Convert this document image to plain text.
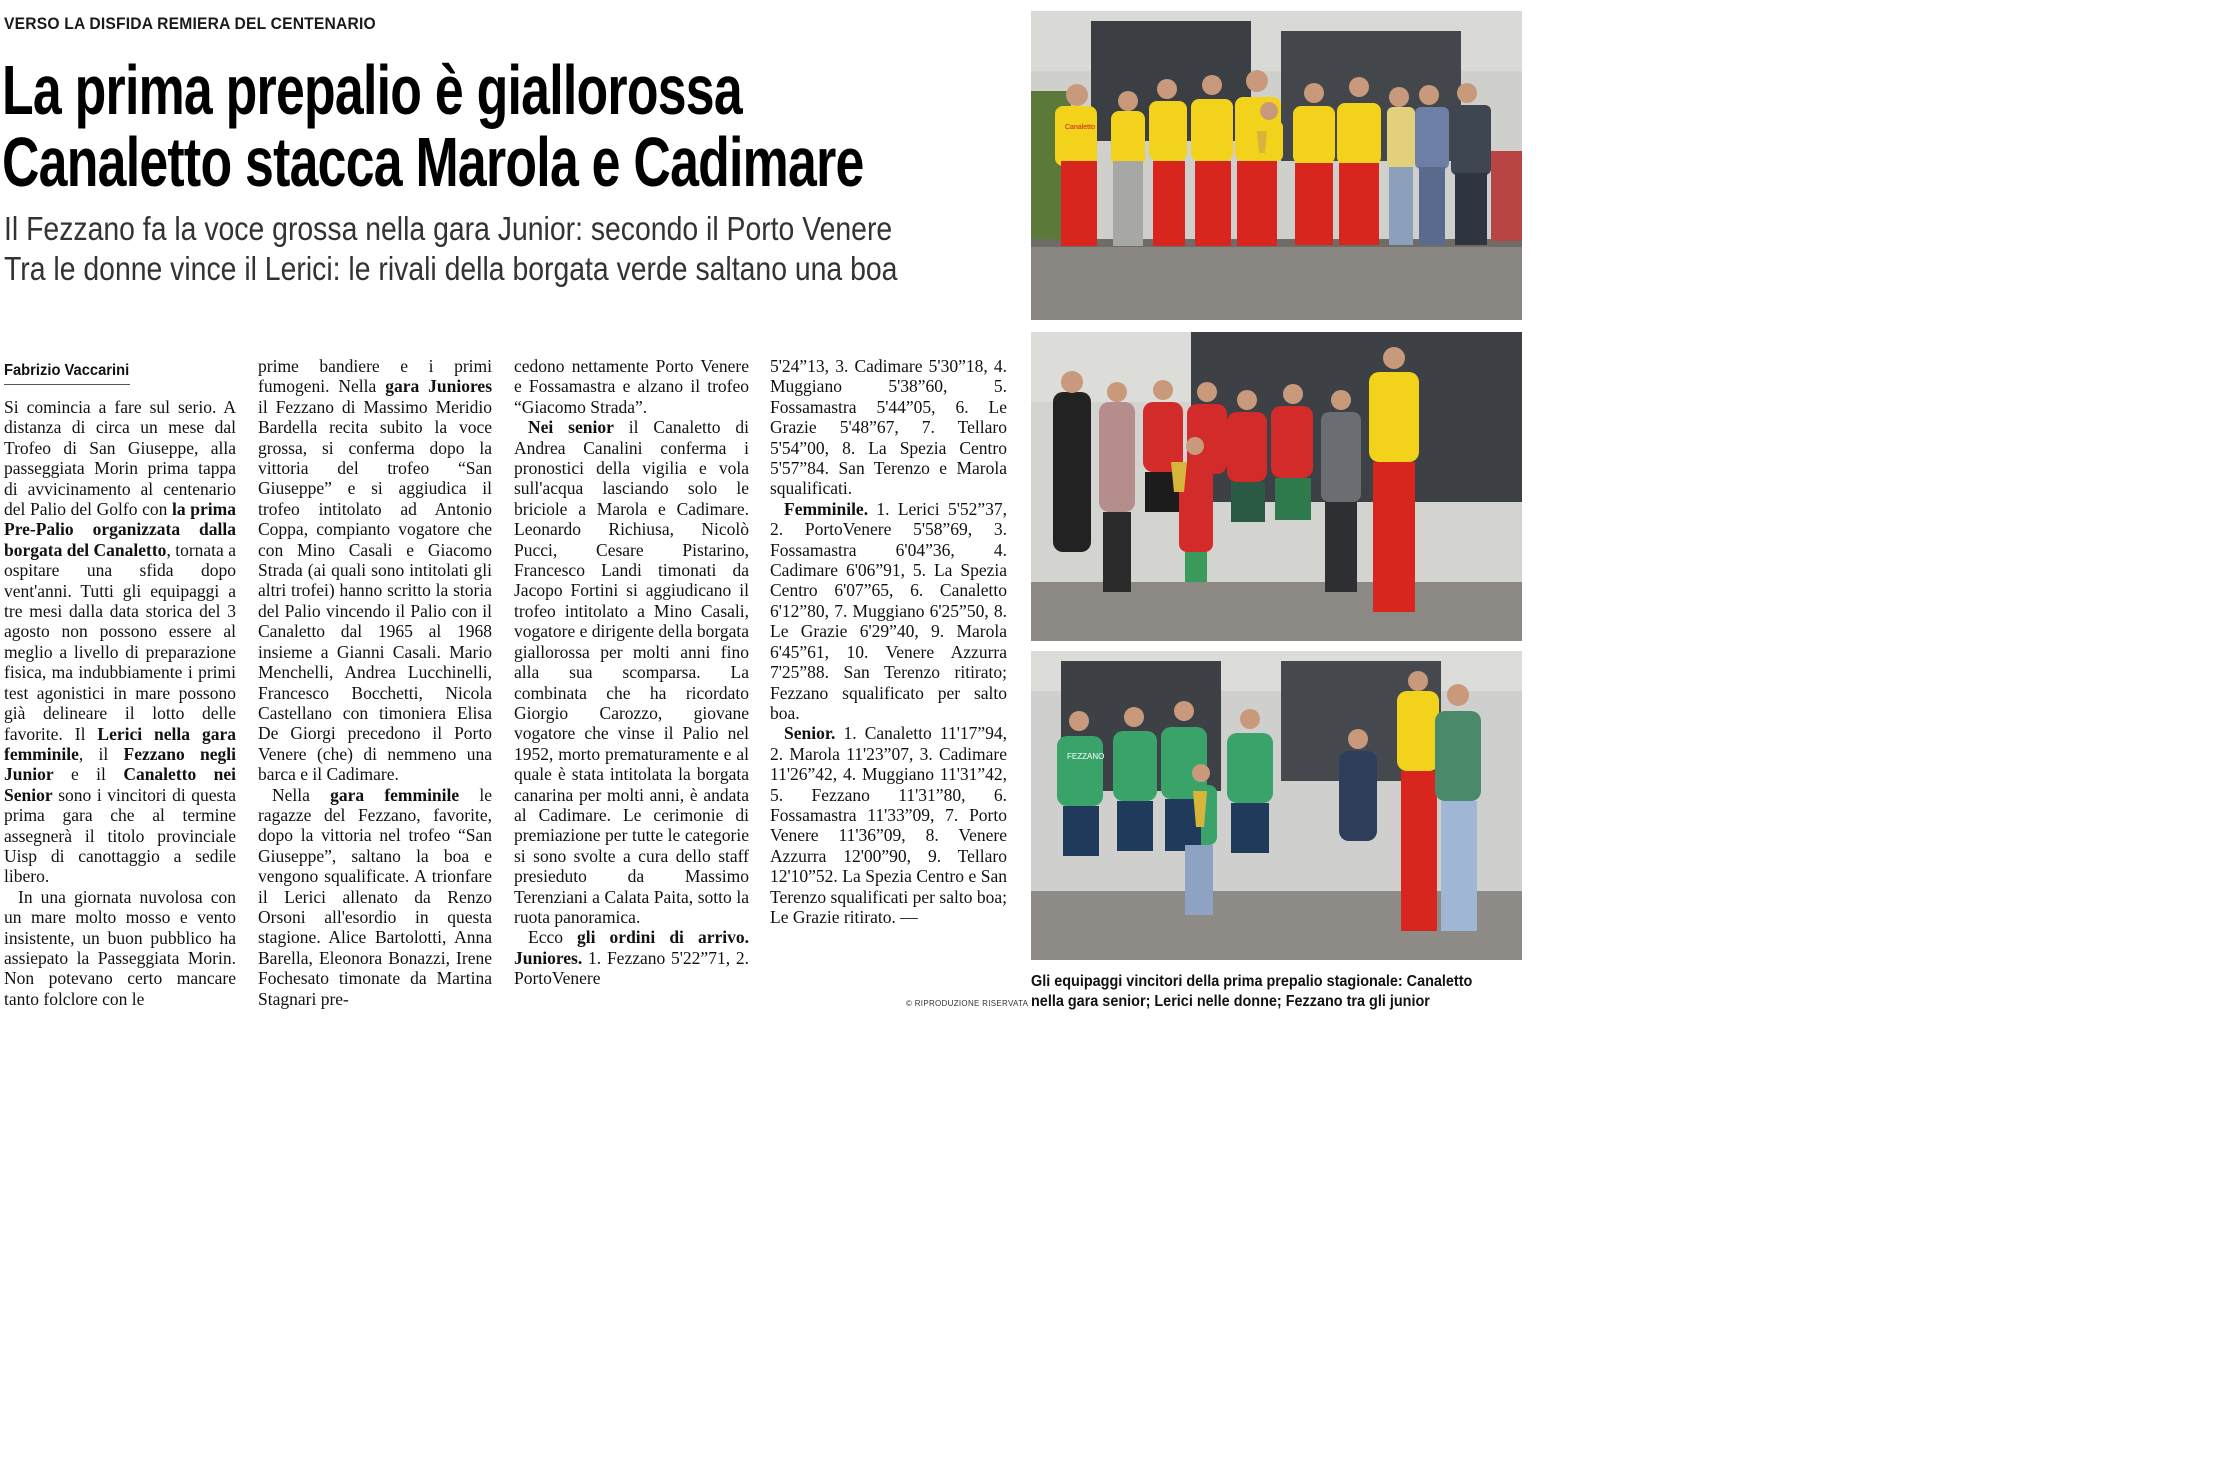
VERSO LA DISFIDA REMIERA DEL CENTENARIO
La prima prepalio è giallorossa
Canaletto stacca Marola e Cadimare
Il Fezzano fa la voce grossa nella gara Junior: secondo il Porto Venere
Tra le donne vince il Lerici: le rivali della borgata verde saltano una boa
Fabrizio Vaccarini

Si comincia a fare sul serio. A distanza di circa un mese dal Trofeo di San Giuseppe, alla passeggiata Morin prima tappa di avvicinamento al centenario del Palio del Golfo con la prima Pre-Palio organizzata dalla borgata del Canaletto, tornata a ospitare una sfida dopo vent'anni. Tutti gli equipaggi a tre mesi dalla data storica del 3 agosto non possono essere al meglio a livello di preparazione fisica, ma indubbiamente i primi test agonistici in mare possono già delineare il lotto delle favorite. Il Lerici nella gara femminile, il Fezzano negli Junior e il Canaletto nei Senior sono i vincitori di questa prima gara che al termine assegnerà il titolo provinciale Uisp di canottaggio a sedile libero.

In una giornata nuvolosa con un mare molto mosso e vento insistente, un buon pubblico ha assiepato la Passeggiata Morin. Non potevano certo mancare tanto folclore con le

prime bandiere e i primi fumogeni. Nella gara Juniores il Fezzano di Massimo Meridio Bardella recita subito la voce grossa, si conferma dopo la vittoria del trofeo “San Giuseppe” e si aggiudica il trofeo intitolato ad Antonio Coppa, compianto vogatore che con Mino Casali e Giacomo Strada (ai quali sono intitolati gli altri trofei) hanno scritto la storia del Palio vincendo il Palio con il Canaletto dal 1965 al 1968 insieme a Gianni Casali. Mario Menchelli, Andrea Lucchinelli, Francesco Bocchetti, Nicola Castellano con timoniera Elisa De Giorgi precedono il Porto Venere (che) di nemmeno una barca e il Cadimare.

Nella gara femminile le ragazze del Fezzano, favorite, dopo la vittoria nel trofeo “San Giuseppe”, saltano la boa e vengono squalificate. A trionfare il Lerici allenato da Renzo Orsoni all'esordio in questa stagione. Alice Bartolotti, Anna Barella, Eleonora Bonazzi, Irene Fochesato timonate da Martina Stagnari pre-

cedono nettamente Porto Venere e Fossamastra e alzano il trofeo “Giacomo Strada”.

Nei senior il Canaletto di Andrea Canalini conferma i pronostici della vigilia e vola sull'acqua lasciando solo le briciole a Marola e Cadimare. Leonardo Richiusa, Nicolò Pucci, Cesare Pistarino, Francesco Landi timonati da Jacopo Fortini si aggiudicano il trofeo intitolato a Mino Casali, vogatore e dirigente della borgata giallorossa per molti anni fino alla sua scomparsa. La combinata che ha ricordato Giorgio Carozzo, giovane vogatore che vinse il Palio nel 1952, morto prematuramente e al quale è stata intitolata la borgata canarina per molti anni, è andata al Cadimare. Le cerimonie di premiazione per tutte le categorie si sono svolte a cura dello staff presieduto da Massimo Terenziani a Calata Paita, sotto la ruota panoramica.

Ecco gli ordini di arrivo. Juniores. 1. Fezzano 5'22”71, 2. PortoVenere

5'24”13, 3. Cadimare 5'30”18, 4. Muggiano 5'38”60, 5. Fossamastra 5'44”05, 6. Le Grazie 5'48”67, 7. Tellaro 5'54”00, 8. La Spezia Centro 5'57”84. San Terenzo e Marola squalificati.

Femminile. 1. Lerici 5'52”37, 2. PortoVenere 5'58”69, 3. Fossamastra 6'04”36, 4. Cadimare 6'06”91, 5. La Spezia Centro 6'07”65, 6. Canaletto 6'12”80, 7. Muggiano 6'25”50, 8. Le Grazie 6'29”40, 9. Marola 6'45”61, 10. Venere Azzurra 7'25”88. San Terenzo ritirato; Fezzano squalificato per salto boa.

Senior. 1. Canaletto 11'17”94, 2. Marola 11'23”07, 3. Cadimare 11'26”42, 4. Muggiano 11'31”42, 5. Fezzano 11'31”80, 6. Fossamastra 11'33”09, 7. Porto Venere 11'36”09, 8. Venere Azzurra 12'00”90, 9. Tellaro 12'10”52. La Spezia Centro e San Terenzo squalificati per salto boa; Le Grazie ritirato. —

© RIPRODUZIONE RISERVATA
Canaletto
FEZZANO
Gli equipaggi vincitori della prima prepalio stagionale: Canaletto
nella gara senior; Lerici nelle donne; Fezzano tra gli junior
